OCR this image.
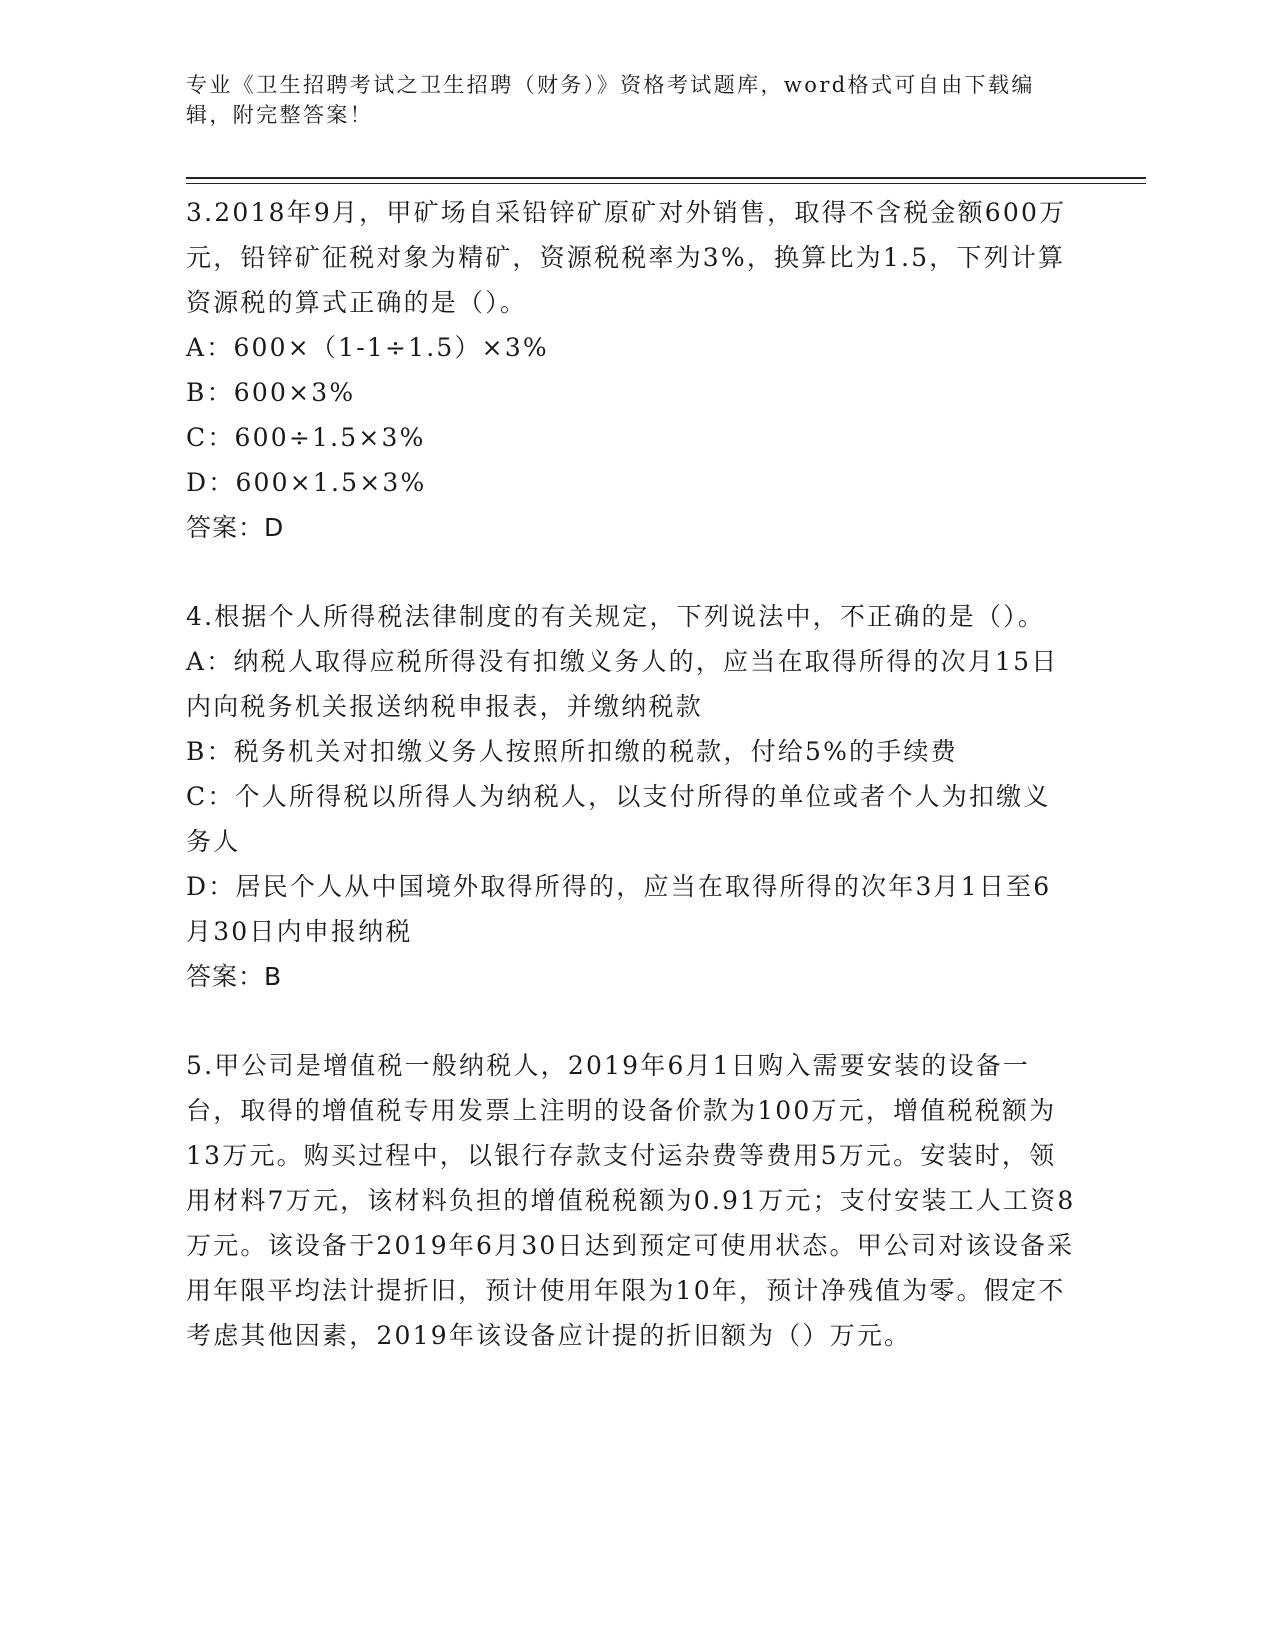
专业《卫生招聘考试之卫生招聘（财务）》资格考试题库，word格式可自由下载编辑，附完整答案！

3.2018年9月，甲矿场自采铅锌矿原矿对外销售，取得不含税金额600万元，铅锌矿征税对象为精矿，资源税税率为3%，换算比为1.5，下列计算资源税的算式正确的是（）。

A：600×（1-1÷1.5）×3%

B：600×3%

C：600÷1.5×3%

D：600×1.5×3%

答案：D

4.根据个人所得税法律制度的有关规定，下列说法中，不正确的是（）。

A：纳税人取得应税所得没有扣缴义务人的，应当在取得所得的次月15日内向税务机关报送纳税申报表，并缴纳税款

B：税务机关对扣缴义务人按照所扣缴的税款，付给5%的手续费

C：个人所得税以所得人为纳税人，以支付所得的单位或者个人为扣缴义务人

D：居民个人从中国境外取得所得的，应当在取得所得的次年3月1日至6月30日内申报纳税

答案：B

5.甲公司是增值税一般纳税人，2019年6月1日购入需要安装的设备一台，取得的增值税专用发票上注明的设备价款为100万元，增值税税额为13万元。购买过程中，以银行存款支付运杂费等费用5万元。安装时，领用材料7万元，该材料负担的增值税税额为0.91万元；支付安装工人工资8万元。该设备于2019年6月30日达到预定可使用状态。甲公司对该设备采用年限平均法计提折旧，预计使用年限为10年，预计净残值为零。假定不考虑其他因素，2019年该设备应计提的折旧额为（）万元。
